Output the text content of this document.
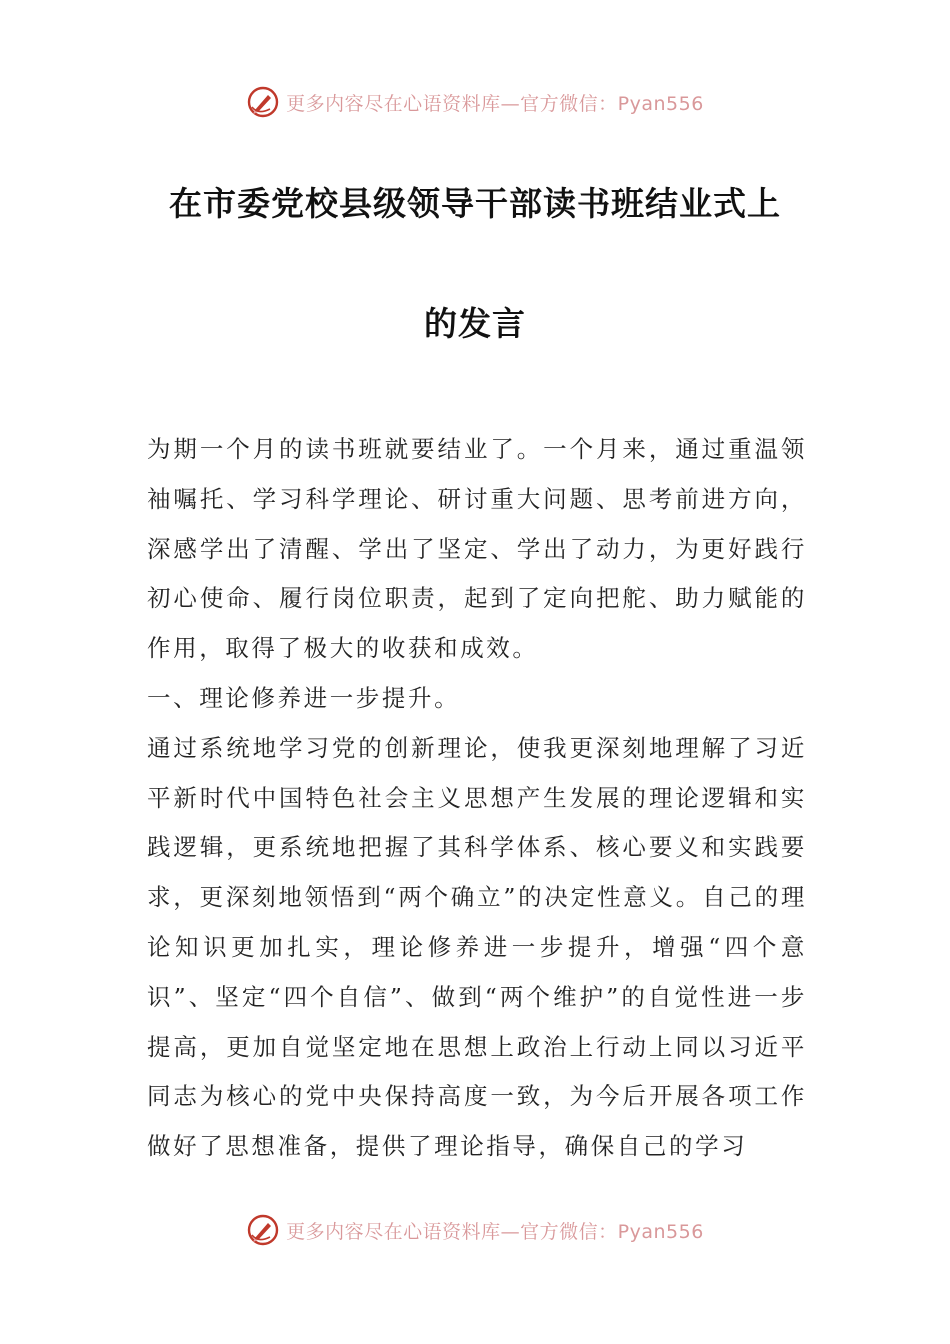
更多内容尽在心语资料库—官方微信：Pyan556
在市委党校县级领导干部读书班结业式上
的发言

为期一个月的读书班就要结业了。一个月来，通过重温领袖嘱托、学习科学理论、研讨重大问题、思考前进方向，深感学出了清醒、学出了坚定、学出了动力，为更好践行初心使命、履行岗位职责，起到了定向把舵、助力赋能的作用，取得了极大的收获和成效。

一、理论修养进一步提升。

通过系统地学习党的创新理论，使我更深刻地理解了习近平新时代中国特色社会主义思想产生发展的理论逻辑和实践逻辑，更系统地把握了其科学体系、核心要义和实践要求，更深刻地领悟到“两个确立”的决定性意义。自己的理论知识更加扎实，理论修养进一步提升，增强“四个意识”、坚定“四个自信”、做到“两个维护”的自觉性进一步提高，更加自觉坚定地在思想上政治上行动上同以习近平同志为核心的党中央保持高度一致，为今后开展各项工作做好了思想准备，提供了理论指导，确保自己的学习

更多内容尽在心语资料库—官方微信：Pyan556
